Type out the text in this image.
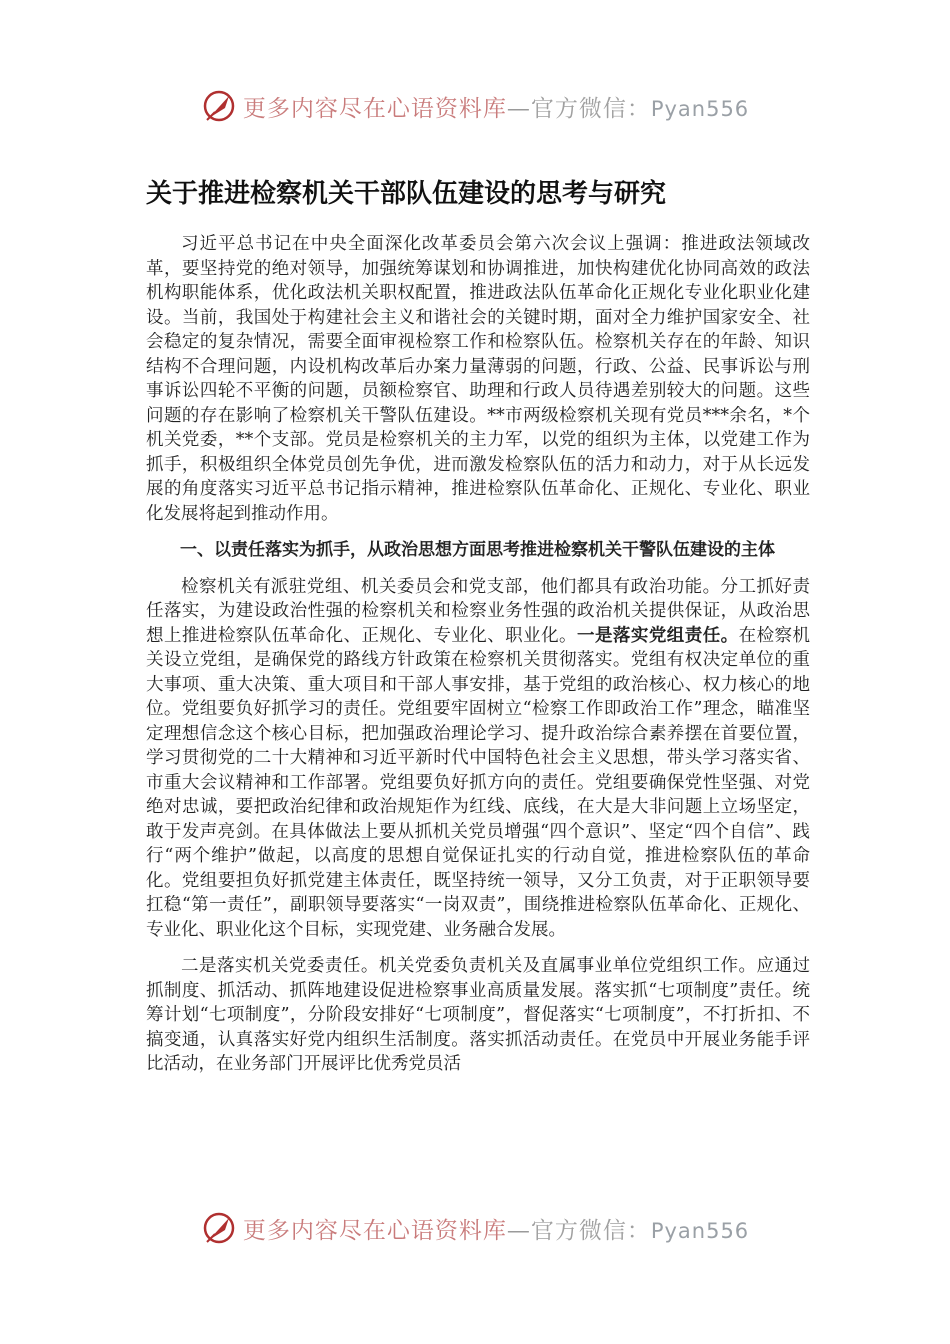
更多内容尽在心语资料库—官方微信：Pyan556
关于推进检察机关干部队伍建设的思考与研究

习近平总书记在中央全面深化改革委员会第六次会议上强调：推进政法领域改革，要坚持党的绝对领导，加强统筹谋划和协调推进，加快构建优化协同高效的政法机构职能体系，优化政法机关职权配置，推进政法队伍革命化正规化专业化职业化建设。当前，我国处于构建社会主义和谐社会的关键时期，面对全力维护国家安全、社会稳定的复杂情况，需要全面审视检察工作和检察队伍。检察机关存在的年龄、知识结构不合理问题，内设机构改革后办案力量薄弱的问题，行政、公益、民事诉讼与刑事诉讼四轮不平衡的问题，员额检察官、助理和行政人员待遇差别较大的问题。这些问题的存在影响了检察机关干警队伍建设。**市两级检察机关现有党员***余名，*个机关党委，**个支部。党员是检察机关的主力军，以党的组织为主体，以党建工作为抓手，积极组织全体党员创先争优，进而激发检察队伍的活力和动力，对于从长远发展的角度落实习近平总书记指示精神，推进检察队伍革命化、正规化、专业化、职业化发展将起到推动作用。

一、以责任落实为抓手，从政治思想方面思考推进检察机关干警队伍建设的主体

检察机关有派驻党组、机关委员会和党支部，他们都具有政治功能。分工抓好责任落实，为建设政治性强的检察机关和检察业务性强的政治机关提供保证，从政治思想上推进检察队伍革命化、正规化、专业化、职业化。一是落实党组责任。在检察机关设立党组，是确保党的路线方针政策在检察机关贯彻落实。党组有权决定单位的重大事项、重大决策、重大项目和干部人事安排，基于党组的政治核心、权力核心的地位。党组要负好抓学习的责任。党组要牢固树立“检察工作即政治工作”理念，瞄准坚定理想信念这个核心目标，把加强政治理论学习、提升政治综合素养摆在首要位置，学习贯彻党的二十大精神和习近平新时代中国特色社会主义思想，带头学习落实省、市重大会议精神和工作部署。党组要负好抓方向的责任。党组要确保党性坚强、对党绝对忠诚，要把政治纪律和政治规矩作为红线、底线，在大是大非问题上立场坚定，敢于发声亮剑。在具体做法上要从抓机关党员增强“四个意识”、坚定“四个自信”、践行“两个维护”做起，以高度的思想自觉保证扎实的行动自觉，推进检察队伍的革命化。党组要担负好抓党建主体责任，既坚持统一领导，又分工负责，对于正职领导要扛稳“第一责任”，副职领导要落实“一岗双责”，围绕推进检察队伍革命化、正规化、专业化、职业化这个目标，实现党建、业务融合发展。

二是落实机关党委责任。机关党委负责机关及直属事业单位党组织工作。应通过抓制度、抓活动、抓阵地建设促进检察事业高质量发展。落实抓“七项制度”责任。统筹计划“七项制度”，分阶段安排好“七项制度”，督促落实“七项制度”，不打折扣、不搞变通，认真落实好党内组织生活制度。落实抓活动责任。在党员中开展业务能手评比活动，在业务部门开展评比优秀党员活

更多内容尽在心语资料库—官方微信：Pyan556
